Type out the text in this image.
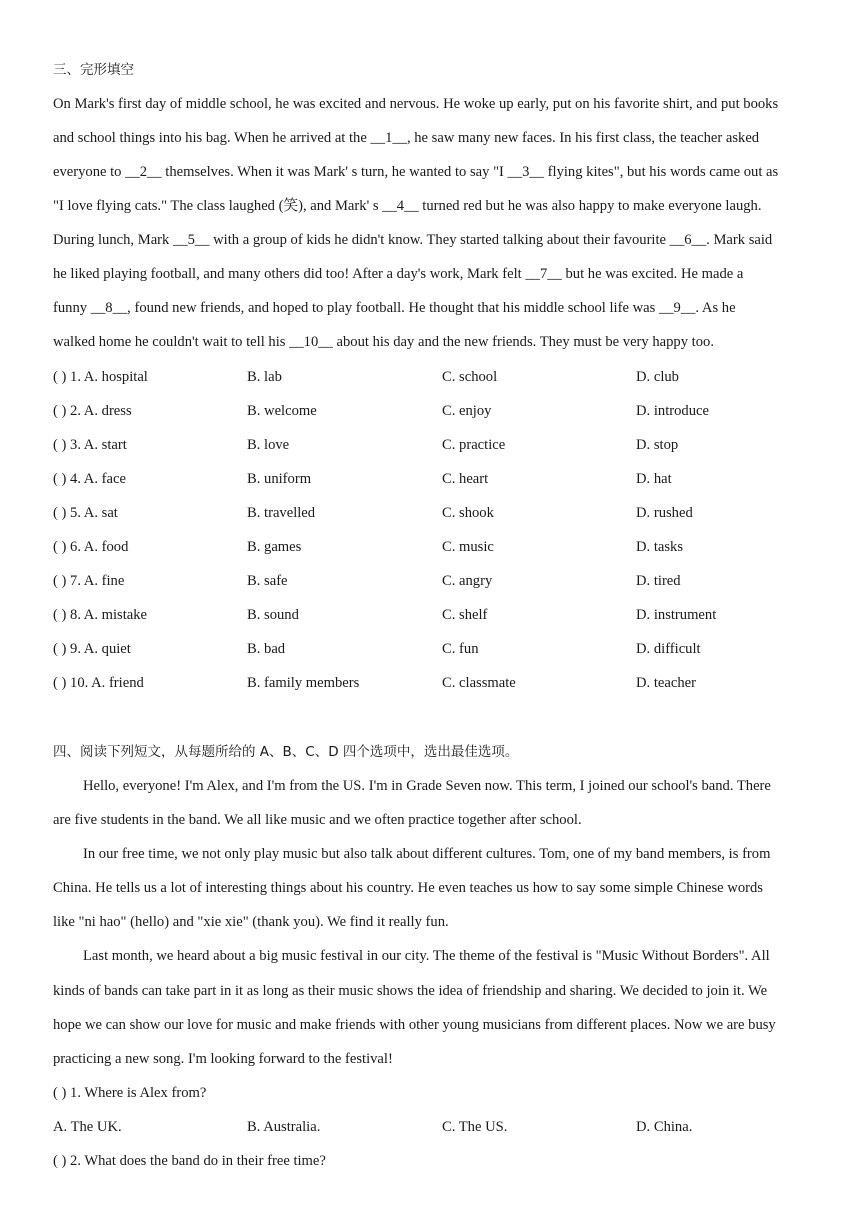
三、完形填空
On Mark's first day of middle school, he was excited and nervous. He woke up early, put on his favorite shirt, and put books
and school things into his bag. When he arrived at the __1__, he saw many new faces. In his first class, the teacher asked
everyone to __2__ themselves. When it was Mark' s turn, he wanted to say "I __3__ flying kites", but his words came out as
"I love flying cats." The class laughed (笑), and Mark' s __4__ turned red but he was also happy to make everyone laugh.
During lunch, Mark __5__ with a group of kids he didn't know. They started talking about their favourite __6__. Mark said
he liked playing football, and many others did too! After a day's work, Mark felt __7__ but he was excited. He made a
funny __8__, found new friends, and hoped to play football. He thought that his middle school life was __9__. As he
walked home he couldn't wait to tell his __10__ about his day and the new friends. They must be very happy too.
( ) 1. A. hospital	B. lab	C. school	D. club
( ) 2. A. dress	B. welcome	C. enjoy	D. introduce
( ) 3. A. start	B. love	C. practice	D. stop
( ) 4. A. face	B. uniform	C. heart	D. hat
( ) 5. A. sat	B. travelled	C. shook	D. rushed
( ) 6. A. food	B. games	C. music	D. tasks
( ) 7. A. fine	B. safe	C. angry	D. tired
( ) 8. A. mistake	B. sound	C. shelf	D. instrument
( ) 9. A. quiet	B. bad	C. fun	D. difficult
( ) 10. A. friend	B. family members	C. classmate	D. teacher
四、阅读下列短文，从每题所给的 A、B、C、D 四个选项中，选出最佳选项。
Hello, everyone! I'm Alex, and I'm from the US. I'm in Grade Seven now. This term, I joined our school's band. There
are five students in the band. We all like music and we often practice together after school.
In our free time, we not only play music but also talk about different cultures. Tom, one of my band members, is from
China. He tells us a lot of interesting things about his country. He even teaches us how to say some simple Chinese words
like "ni hao" (hello) and "xie xie" (thank you). We find it really fun.
Last month, we heard about a big music festival in our city. The theme of the festival is "Music Without Borders". All
kinds of bands can take part in it as long as their music shows the idea of friendship and sharing. We decided to join it. We
hope we can show our love for music and make friends with other young musicians from different places. Now we are busy
practicing a new song. I'm looking forward to the festival!
( ) 1. Where is Alex from?
A. The UK.	B. Australia.	C. The US.	D. China.
( ) 2. What does the band do in their free time?
